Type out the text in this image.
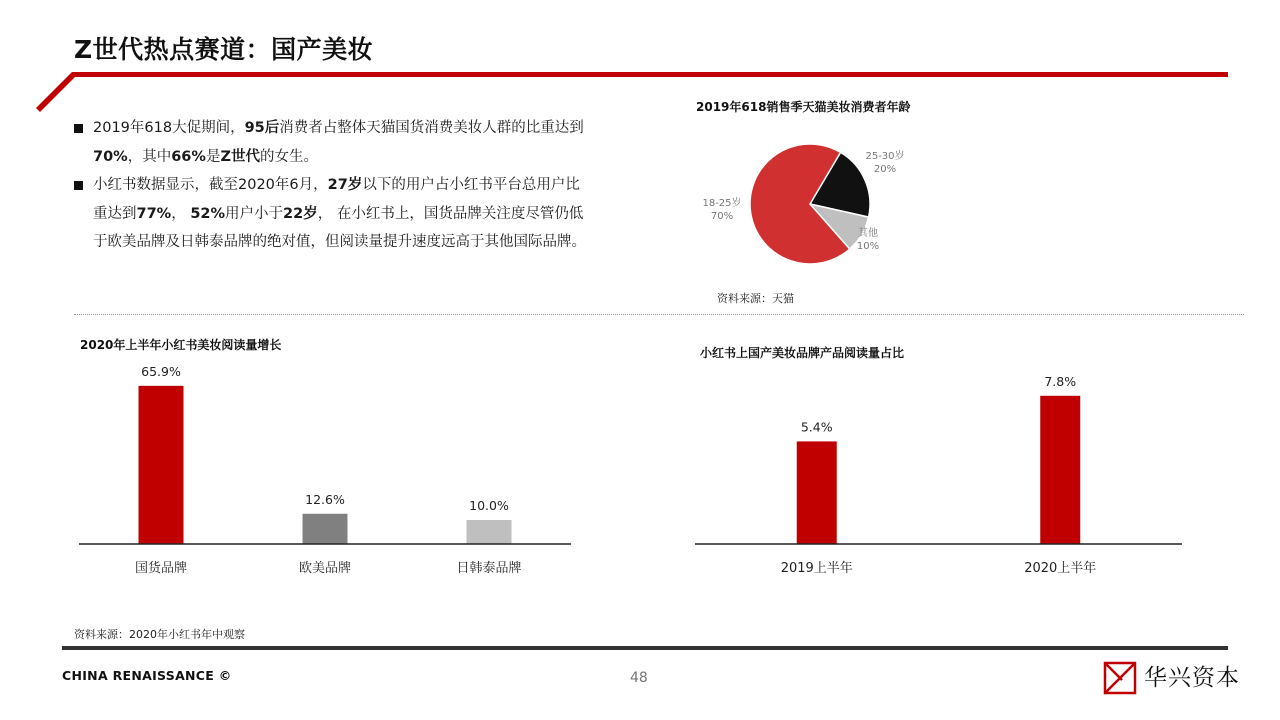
Z世代热点赛道：国产美妆
2019年618大促期间，95后消费者占整体天猫国货消费美妆人群的比重达到
70%，其中66%是Z世代的女生。
小红书数据显示，截至2020年6月，27岁以下的用户占小红书平台总用户比
重达到77%， 52%用户小于22岁， 在小红书上，国货品牌关注度尽管仍低
于欧美品牌及日韩泰品牌的绝对值，但阅读量提升速度远高于其他国际品牌。
2019年618销售季天猫美妆消费者年龄
25-30岁
20%
其他
10%
18-25岁
70%
资料来源：天猫
2020年上半年小红书美妆阅读量增长
65.9%
国货品牌
12.6%
欧美品牌
10.0%
日韩泰品牌
小红书上国产美妆品牌产品阅读量占比
5.4%
2019上半年
7.8%
2020上半年
资料来源：2020年小红书年中观察
CHINA RENAISSANCE ©	48	华兴资本
